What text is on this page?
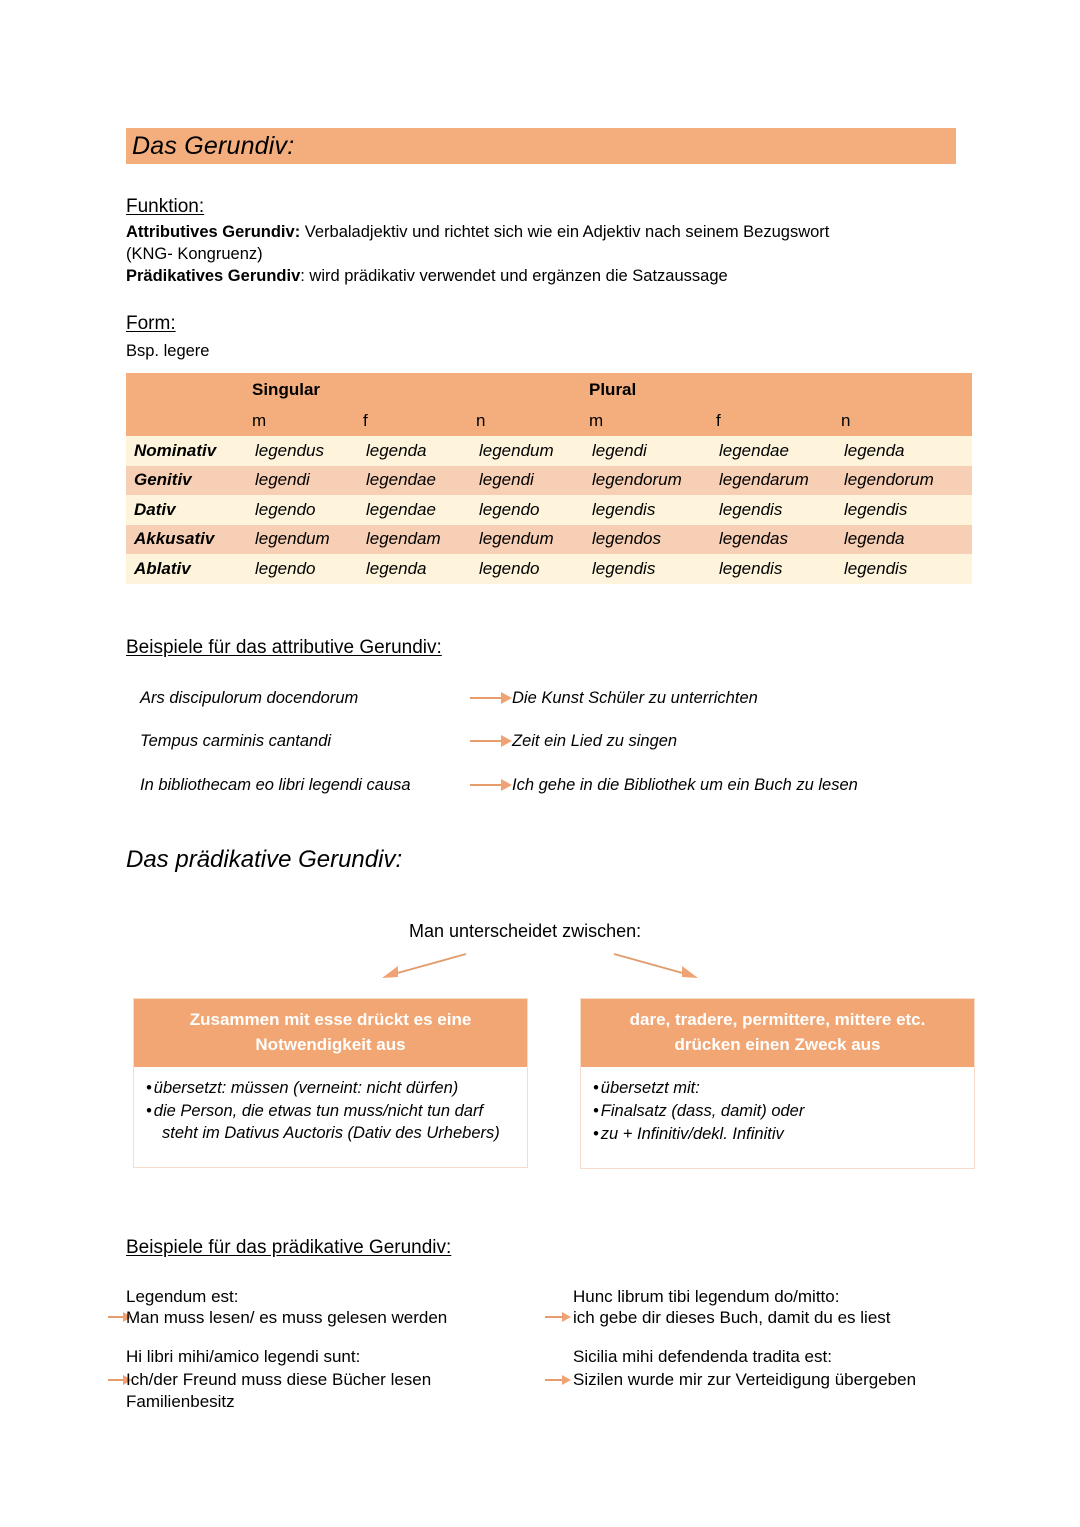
Das Gerundiv:
Funktion:
Attributives Gerundiv: Verbaladjektiv und richtet sich wie ein Adjektiv nach seinem Bezugswort
(KNG- Kongruenz)
Prädikatives Gerundiv: wird prädikativ verwendet und ergänzen die Satzaussage
Form:
Bsp. legere
	Singular			Plural		
	m	f	n	m	f	n
Nominativ	legendus	legenda	legendum	legendi	legendae	legenda
Genitiv	legendi	legendae	legendi	legendorum	legendarum	legendorum
Dativ	legendo	legendae	legendo	legendis	legendis	legendis
Akkusativ	legendum	legendam	legendum	legendos	legendas	legenda
Ablativ	legendo	legenda	legendo	legendis	legendis	legendis
Beispiele für das attributive Gerundiv:
Ars discipulorum docendorum	Die Kunst Schüler zu unterrichten
Tempus carminis cantandi	Zeit ein Lied zu singen
In bibliothecam eo libri legendi causa	Ich gehe in die Bibliothek um ein Buch zu lesen
Das prädikative Gerundiv:
Man unterscheidet zwischen:
Zusammen mit esse drückt es eine Notwendigkeit aus
• übersetzt: müssen (verneint: nicht dürfen)
• die Person, die etwas tun muss/nicht tun darf
steht im Dativus Auctoris (Dativ des Urhebers)
dare, tradere, permittere, mittere etc. drücken einen Zweck aus
• übersetzt mit:
• Finalsatz (dass, damit) oder
• zu + Infinitiv/dekl. Infinitiv
Beispiele für das prädikative Gerundiv:
Legendum est:
Man muss lesen/ es muss gelesen werden
Hi libri mihi/amico legendi sunt:
Ich/der Freund muss diese Bücher lesen
Familienbesitz
Hunc librum tibi legendum do/mitto:
ich gebe dir dieses Buch, damit du es liest
Sicilia mihi defendenda tradita est:
Sizilen wurde mir zur Verteidigung übergeben
